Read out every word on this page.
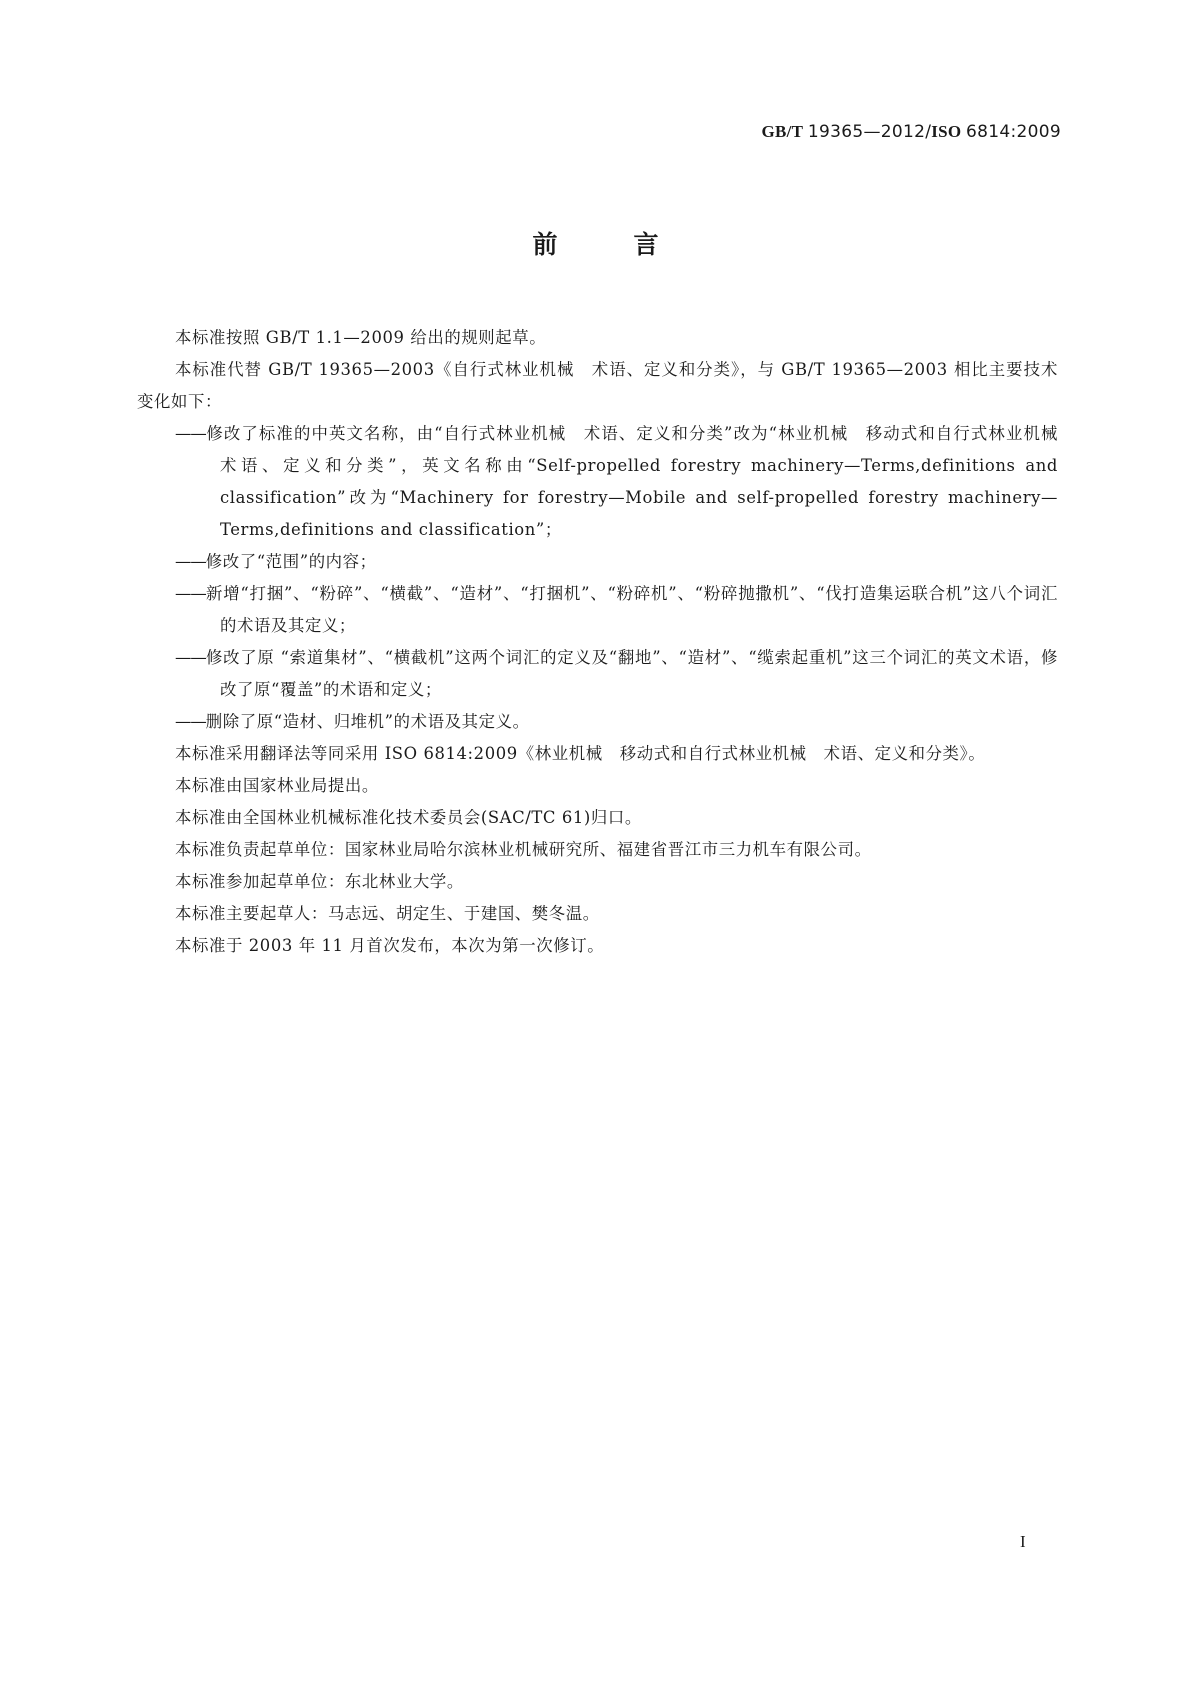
GB/T 19365—2012/ISO 6814:2009
前	言

本标准按照 GB/T 1.1—2009 给出的规则起草。

本标准代替 GB/T 19365—2003《自行式林业机械　术语、定义和分类》，与 GB/T 19365—2003 相比主要技术变化如下：

——修改了标准的中英文名称，由“自行式林业机械　术语、定义和分类”改为“林业机械　移动式和自行式林业机械　术语、定义和分类”，英文名称由“Self-propelled forestry machinery—Terms,definitions and classification”改为“Machinery for forestry—Mobile and self-propelled forestry machinery—Terms,definitions and classification”；

——修改了“范围”的内容；

——新增“打捆”、“粉碎”、“横截”、“造材”、“打捆机”、“粉碎机”、“粉碎抛撒机”、“伐打造集运联合机”这八个词汇的术语及其定义；

——修改了原 “索道集材”、“横截机”这两个词汇的定义及“翻地”、“造材”、“缆索起重机”这三个词汇的英文术语，修改了原“覆盖”的术语和定义；

——删除了原“造材、归堆机”的术语及其定义。

本标准采用翻译法等同采用 ISO 6814:2009《林业机械　移动式和自行式林业机械　术语、定义和分类》。

本标准由国家林业局提出。

本标准由全国林业机械标准化技术委员会(SAC/TC 61)归口。

本标准负责起草单位：国家林业局哈尔滨林业机械研究所、福建省晋江市三力机车有限公司。

本标准参加起草单位：东北林业大学。

本标准主要起草人：马志远、胡定生、于建国、樊冬温。

本标准于 2003 年 11 月首次发布，本次为第一次修订。

I
